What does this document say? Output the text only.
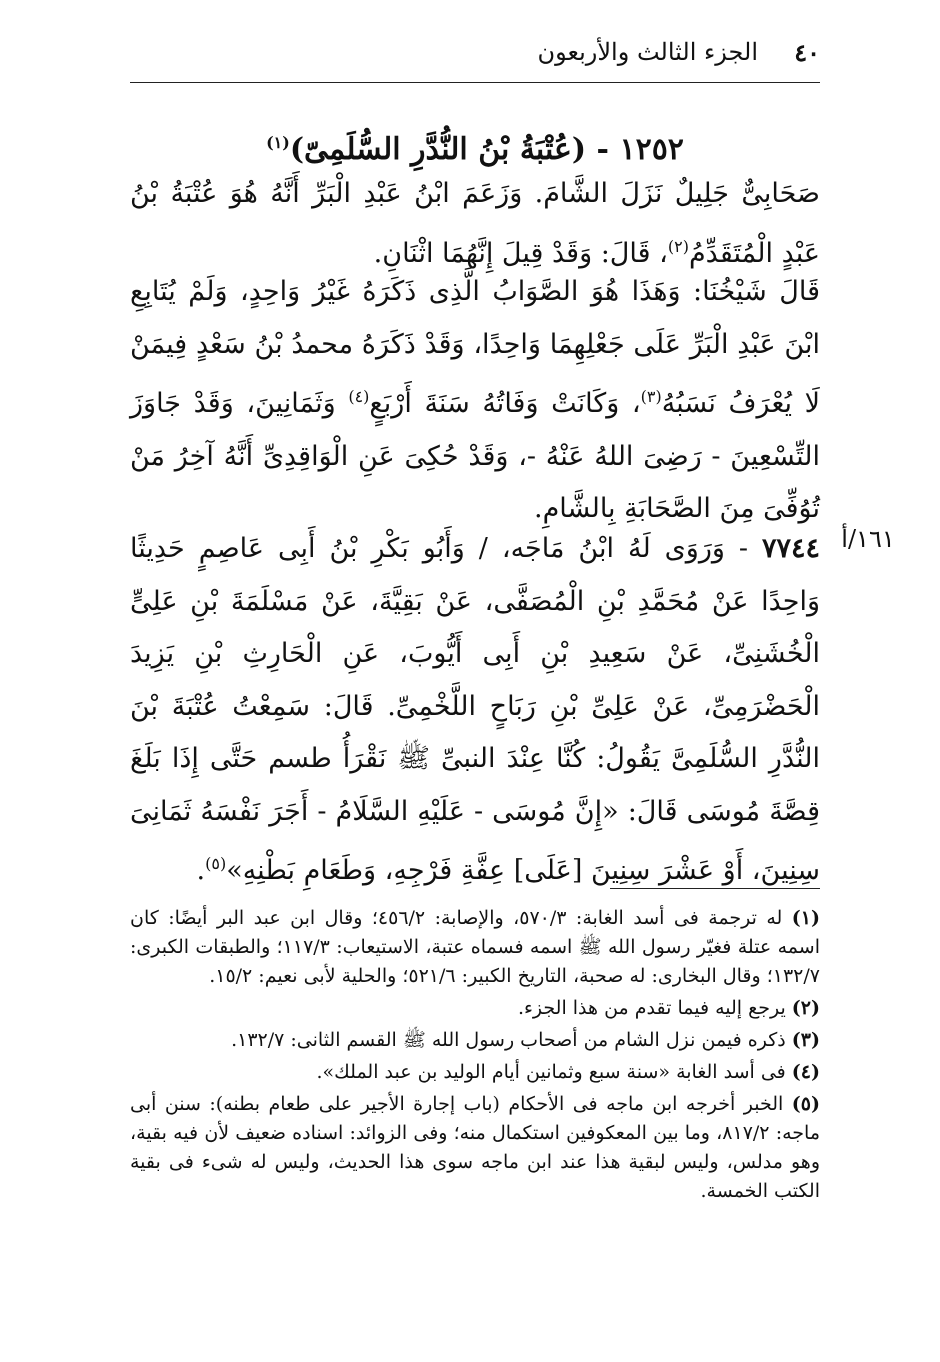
٤٠
الجزء الثالث والأربعون
١٢٥٢ - (عُتْبَةُ بْنُ النُّدَّرِ السُّلَمِىّ)$^{(١)}$

صَحَابِىٌّ جَلِيلٌ نَزَلَ الشَّامَ. وَزَعَمَ ابْنُ عَبْدِ الْبَرِّ أَنَّهُ هُوَ عُتْبَةُ بْنُ عَبْدٍ الْمُتَقَدِّمُ$^{(٢)}$، قَالَ: وَقَدْ قِيلَ إِنَّهُمَا اثْنَانِ.

قَالَ شَيْخُنَا: وَهَذَا هُوَ الصَّوَابُ الَّذِى ذَكَرَهُ غَيْرُ وَاحِدٍ، وَلَمْ يُتَابِعِ ابْنَ عَبْدِ الْبَرِّ عَلَى جَعْلِهِمَا وَاحِدًا، وَقَدْ ذَكَرَهُ محمدُ بْنُ سَعْدٍ فِيمَنْ لَا يُعْرَفُ نَسَبُهُ$^{(٣)}$، وَكَانَتْ وَفَاتُهُ سَنَةَ أَرْبَعٍ$^{(٤)}$ وَثَمَانِينَ، وَقَدْ جَاوَزَ التِّسْعِينَ - رَضِىَ اللهُ عَنْهُ -، وَقَدْ حُكِىَ عَنِ الْوَاقِدِىِّ أَنَّهُ آخِرُ مَنْ تُوُفِّىَ مِنَ الصَّحَابَةِ بِالشَّامِ.

١٦١/أ

٧٧٤٤ - وَرَوَى لَهُ ابْنُ مَاجَه، / وَأَبُو بَكْرِ بْنُ أَبِى عَاصِمٍ حَدِيثًا وَاحِدًا عَنْ مُحَمَّدِ بْنِ الْمُصَفَّى، عَنْ بَقِيَّةَ، عَنْ مَسْلَمَةَ بْنِ عَلِىٍّ الْخُشَنِىِّ، عَنْ سَعِيدِ بْنِ أَبِى أَيُّوبَ، عَنِ الْحَارِثِ بْنِ يَزِيدَ الْحَضْرَمِىِّ، عَنْ عَلِىِّ بْنِ رَبَاحٍ اللَّخْمِىِّ. قَالَ: سَمِعْتُ عُتْبَةَ بْنَ النُّدَّرِ السُّلَمِىَّ يَقُولُ: كُنَّا عِنْدَ النبىِّ ﷺ نَقْرَأُ طسم حَتَّى إِذَا بَلَغَ قِصَّةَ مُوسَى قَالَ: «إِنَّ مُوسَى - عَلَيْهِ السَّلَامُ - أَجَرَ نَفْسَهُ ثَمَانِىَ سِنِينَ، أَوْ عَشْرَ سِنِينَ [عَلَى] عِفَّةِ فَرْجِهِ، وَطَعَامِ بَطْنِهِ»$^{(٥)}$.

(١) له ترجمة فى أسد الغابة: ٥٧٠/٣، والإصابة: ٤٥٦/٢؛ وقال ابن عبد البر أيضًا: كان اسمه عتلة فغيّر رسول الله ﷺ اسمه فسماه عتبة، الاستيعاب: ١١٧/٣؛ والطبقات الكبرى: ١٣٢/٧؛ وقال البخارى: له صحبة، التاريخ الكبير: ٥٢١/٦؛ والحلية لأبى نعيم: ١٥/٢.

(٢) يرجع إليه فيما تقدم من هذا الجزء.

(٣) ذكره فيمن نزل الشام من أصحاب رسول الله ﷺ القسم الثانى: ١٣٢/٧.

(٤) فى أسد الغابة «سنة سبع وثمانين أيام الوليد بن عبد الملك».

(٥) الخبر أخرجه ابن ماجه فى الأحكام (باب إجارة الأجير على طعام بطنه): سنن أبى ماجه: ٨١٧/٢، وما بين المعكوفين استكمال منه؛ وفى الزوائد: اسناده ضعيف لأن فيه بقية، وهو مدلس، وليس لبقية هذا عند ابن ماجه سوى هذا الحديث، وليس له شىء فى بقية الكتب الخمسة.
